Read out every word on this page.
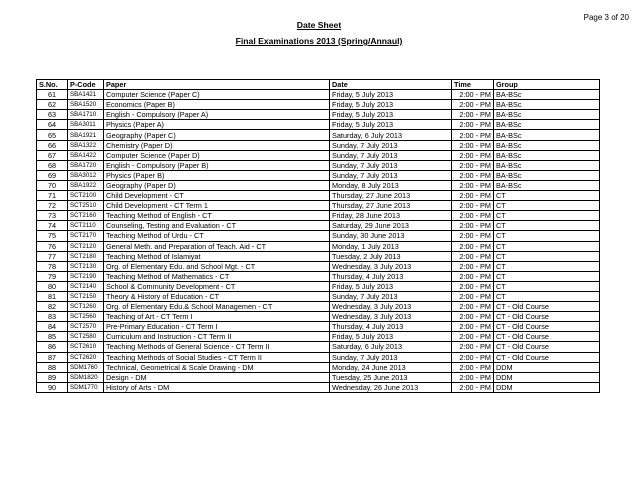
Page 3 of 20
Date Sheet
Final Examinations 2013 (Spring/Annaul)
S.No.	P-Code	Paper	Date	Time	Group
61	SBA1421	Computer Science (Paper C)	Friday, 5 July 2013	2:00 - PM	BA-BSc
62	SBA1520	Economics (Paper B)	Friday, 5 July 2013	2:00 - PM	BA-BSc
63	SBA1710	English - Compulsory (Paper A)	Friday, 5 July 2013	2:00 - PM	BA-BSc
64	SBA3011	Physics (Paper A)	Friday, 5 July 2013	2:00 - PM	BA-BSc
65	SBA1921	Geography (Paper C)	Saturday, 6 July 2013	2:00 - PM	BA-BSc
66	SBA1322	Chemistry (Paper D)	Sunday, 7 July 2013	2:00 - PM	BA-BSc
67	SBA1422	Computer Science (Paper D)	Sunday, 7 July 2013	2:00 - PM	BA-BSc
68	SBA1720	English - Compulsory (Paper B)	Sunday, 7 July 2013	2:00 - PM	BA-BSc
69	SBA3012	Physics (Paper B)	Sunday, 7 July 2013	2:00 - PM	BA-BSc
70	SBA1922	Geography (Paper D)	Monday, 8 July 2013	2:00 - PM	BA-BSc
71	SCT2100	Child Development - CT	Thursday, 27 June 2013	2:00 - PM	CT
72	SCT2510	Child Development - CT Term 1	Thursday, 27 June 2013	2:00 - PM	CT
73	SCT2160	Teaching Method of English - CT	Friday, 28 June 2013	2:00 - PM	CT
74	SCT2110	Counseling, Testing and Evaluation - CT	Saturday, 29 June 2013	2:00 - PM	CT
75	SCT2170	Teaching Method of Urdu - CT	Sunday, 30 June 2013	2:00 - PM	CT
76	SCT2120	General Meth. and Preparation of Teach. Aid - CT	Monday, 1 July 2013	2:00 - PM	CT
77	SCT2180	Teaching Method of Islamiyat	Tuesday, 2 July 2013	2:00 - PM	CT
78	SCT2130	Org. of Elementary Edu. and School Mgt. - CT	Wednesday, 3 July 2013	2:00 - PM	CT
79	SCT2190	Teaching Method of Mathematics - CT	Thursday, 4 July 2013	2:00 - PM	CT
80	SCT2140	School & Community Development - CT	Friday, 5 July 2013	2:00 - PM	CT
81	SCT2150	Theory & History of Education - CT	Sunday, 7 July 2013	2:00 - PM	CT
82	SCT1260	Org. of Elementary Edu.& School Managemen - CT	Wednesday, 3 July 2013	2:00 - PM	CT - Old Course
83	SCT2560	Teaching of Art - CT Term I	Wednesday, 3 July 2013	2:00 - PM	CT - Old Course
84	SCT2570	Pre-Primary Education - CT Term I	Thursday, 4 July 2013	2:00 - PM	CT - Old Course
85	SCT2580	Curriculum and Instruction - CT Term II	Friday, 5 July 2013	2:00 - PM	CT - Old Course
86	SCT2610	Teaching Methods of General Science - CT Term II	Saturday, 6 July 2013	2:00 - PM	CT - Old Course
87	SCT2620	Teaching Methods of Social Studies - CT Term II	Sunday, 7 July 2013	2:00 - PM	CT - Old Course
88	SDM1760	Technical, Geometrical & Scale Drawing - DM	Monday, 24 June 2013	2:00 - PM	DDM
89	SDM1820	Design - DM	Tuesday, 25 June 2013	2:00 - PM	DDM
90	SDM1770	History of Arts - DM	Wednesday, 26 June 2013	2:00 - PM	DDM
